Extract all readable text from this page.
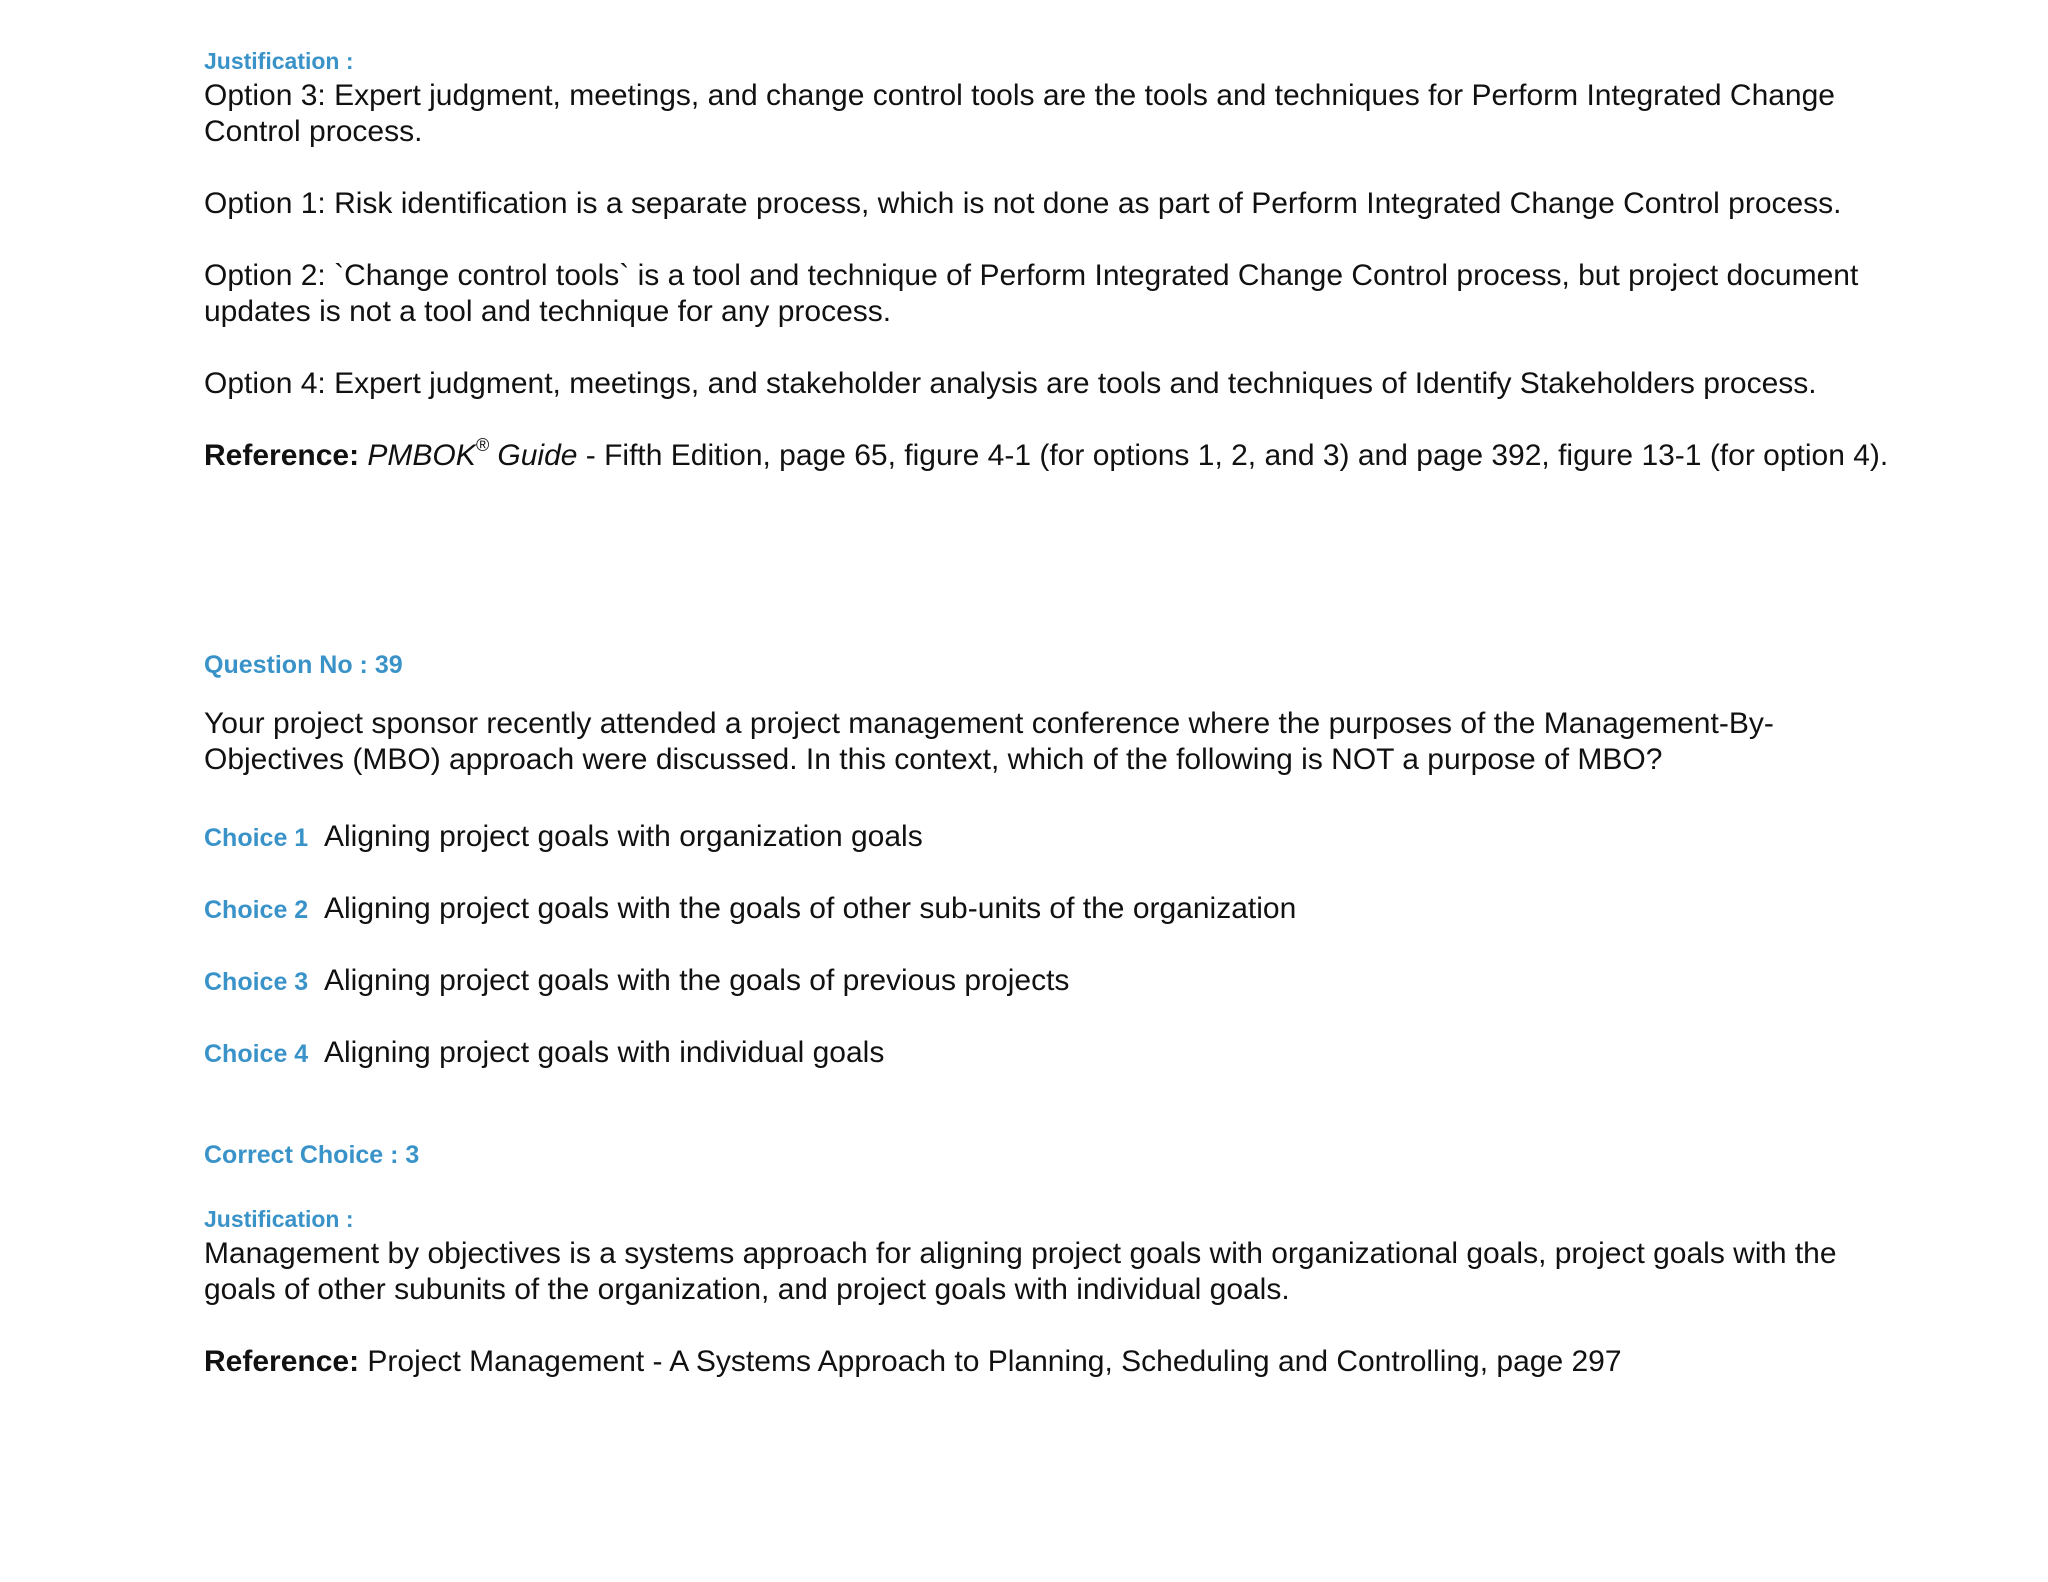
Justification :

Option 3: Expert judgment, meetings, and change control tools are the tools and techniques for Perform Integrated Change Control process.

Option 1: Risk identification is a separate process, which is not done as part of Perform Integrated Change Control process.

Option 2: `Change control tools` is a tool and technique of Perform Integrated Change Control process, but project document updates is not a tool and technique for any process.

Option 4: Expert judgment, meetings, and stakeholder analysis are tools and techniques of Identify Stakeholders process.

Reference: PMBOK® Guide - Fifth Edition, page 65, figure 4-1 (for options 1, 2, and 3) and page 392, figure 13-1 (for option 4).

Question No : 39

Your project sponsor recently attended a project management conference where the purposes of the Management-By-Objectives (MBO) approach were discussed. In this context, which of the following is NOT a purpose of MBO?

Choice 1 Aligning project goals with organization goals
Choice 2 Aligning project goals with the goals of other sub-units of the organization
Choice 3 Aligning project goals with the goals of previous projects
Choice 4 Aligning project goals with individual goals
Correct Choice : 3
Justification :

Management by objectives is a systems approach for aligning project goals with organizational goals, project goals with the goals of other subunits of the organization, and project goals with individual goals.

Reference: Project Management - A Systems Approach to Planning, Scheduling and Controlling, page 297
